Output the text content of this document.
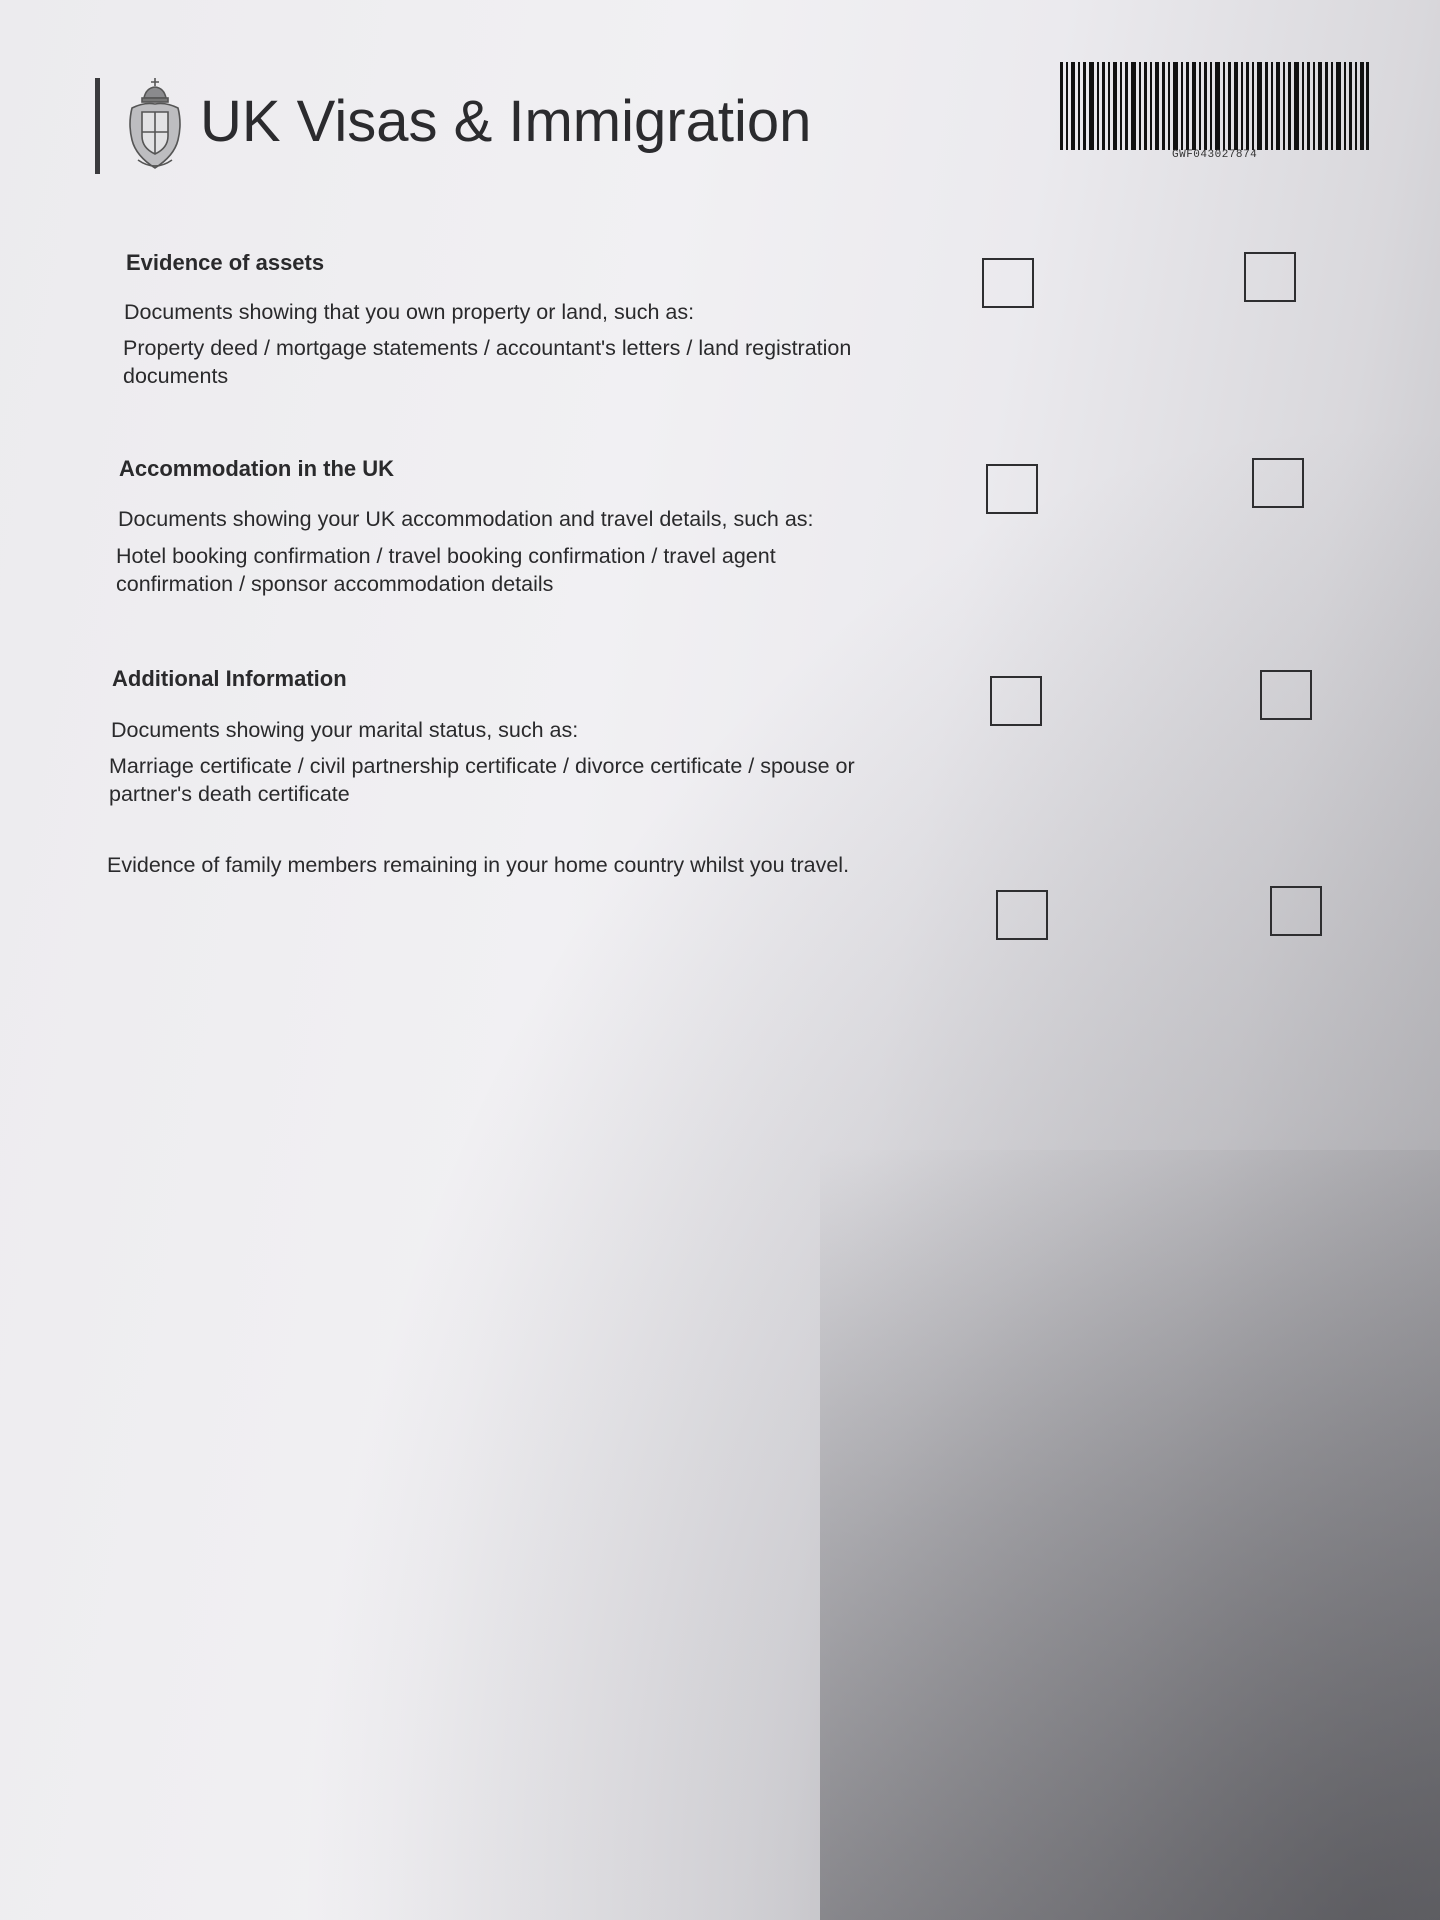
UK Visas & Immigration
GWF043027874
Evidence of assets
Documents showing that you own property or land, such as:
Property deed / mortgage statements / accountant's letters / land registration documents
Accommodation in the UK
Documents showing your UK accommodation and travel details, such as:
Hotel booking confirmation / travel booking confirmation / travel agent confirmation / sponsor accommodation details
Additional Information
Documents showing your marital status, such as:
Marriage certificate / civil partnership certificate / divorce certificate / spouse or partner's death certificate
Evidence of family members remaining in your home country whilst you travel.
